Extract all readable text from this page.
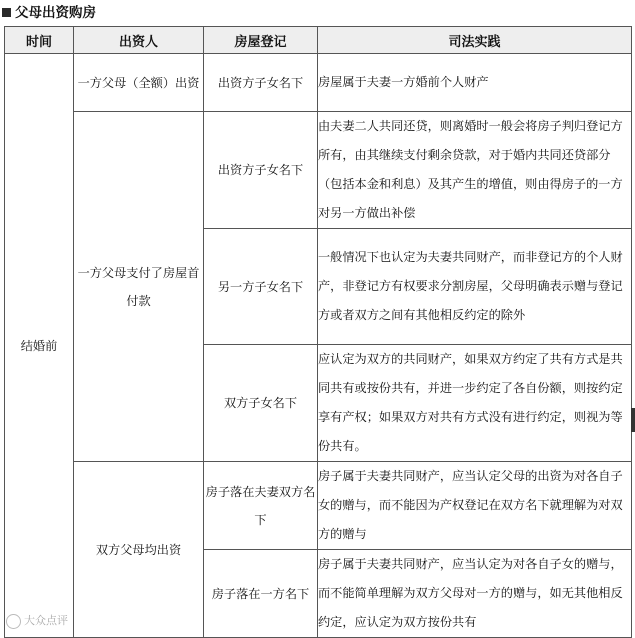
父母出资购房
时间	出资人	房屋登记	司法实践
结婚前	一方父母（全额）出资	出资方子女名下	房屋属于夫妻一方婚前个人财产
	一方父母支付了房屋首付款	出资方子女名下	由夫妻二人共同还贷，则离婚时一般会将房子判归登记方所有，由其继续支付剩余贷款，对于婚内共同还贷部分（包括本金和利息）及其产生的增值，则由得房子的一方对另一方做出补偿
		另一方子女名下	一般情况下也认定为夫妻共同财产，而非登记方的个人财产，非登记方有权要求分割房屋，父母明确表示赠与登记方或者双方之间有其他相反约定的除外
		双方子女名下	应认定为双方的共同财产，如果双方约定了共有方式是共同共有或按份共有，并进一步约定了各自份额，则按约定享有产权；如果双方对共有方式没有进行约定，则视为等份共有。
	双方父母均出资	房子落在夫妻双方名下	房子属于夫妻共同财产，应当认定父母的出资为对各自子女的赠与，而不能因为产权登记在双方名下就理解为对双方的赠与
		房子落在一方名下	房子属于夫妻共同财产，应当认定为对各自子女的赠与，而不能简单理解为双方父母对一方的赠与，如无其他相反约定，应认定为双方按份共有
大众点评
